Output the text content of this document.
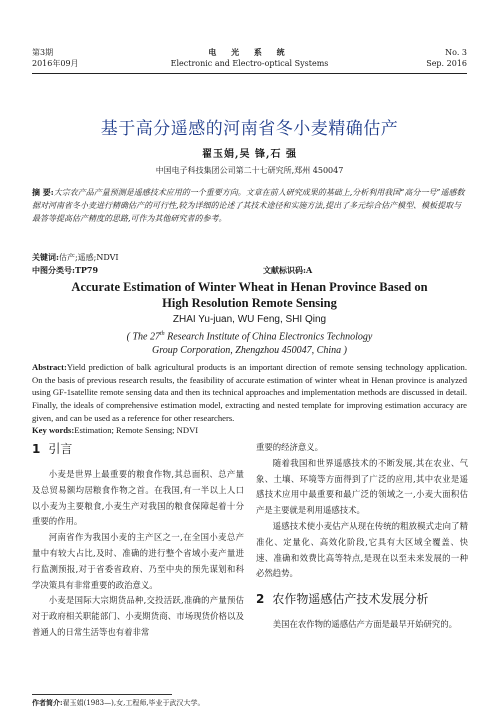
第3期
2016年09月
电 光 系 统
Electronic and Electro-optical Systems
No. 3
Sep. 2016
基于高分遥感的河南省冬小麦精确估产
翟玉娟,吴 锋,石 强
中国电子科技集团公司第二十七研究所,郑州 450047
摘 要:大宗农产品产量预测是遥感技术应用的一个重要方向。文章在前人研究成果的基础上,分析利用我国“高分一号”遥感数据对河南省冬小麦进行精确估产的可行性,较为详细的论述了其技术途径和实施方法,提出了多元综合估产模型、模板提取与最答等提高估产精度的思路,可作为其他研究者的参考。
关键词:估产;遥感;NDVI
中图分类号:TP79	文献标识码:A
Accurate Estimation of Winter Wheat in Henan Province Based on
High Resolution Remote Sensing
ZHAI Yu-juan, WU Feng, SHI Qing
( The 27th Research Institute of China Electronics Technology
Group Corporation, Zhengzhou 450047, China )
Abstract:Yield prediction of balk agricultural products is an important direction of remote sensing technology application. On the basis of previous research results, the feasibility of accurate estimation of winter wheat in Henan province is analyzed using GF-1satellite remote sensing data and then its technical approaches and implementation methods are discussed in detail. Finally, the ideals of comprehensive estimation model, extracting and nested template for improving estimation accuracy are given, and can be used as a reference for other researchers.
Key words:Estimation; Remote Sensing; NDVI
1 引言

小麦是世界上最重要的粮食作物,其总面积、总产量及总贸易额均居粮食作物之首。在我国,有一半以上人口以小麦为主要粮食,小麦生产对我国的粮食保障起着十分重要的作用。

河南省作为我国小麦的主产区之一,在全国小麦总产量中有较大占比,及时、准确的进行整个省域小麦产量进行监测预报,对于省委省政府、乃至中央的预先谋划和科学决策具有非常重要的政治意义。

小麦是国际大宗期货品种,交投活跃,准确的产量预估对于政府相关职能部门、小麦期货商、市场现货价格以及普通人的日常生活等也有着非常

重要的经济意义。

随着我国和世界遥感技术的不断发展,其在农业、气象、土壤、环境等方面得到了广泛的应用,其中农业是遥感技术应用中最重要和最广泛的领域之一,小麦大面积估产是主要就是利用遥感技术。

遥感技术使小麦估产从现在传统的粗放模式走向了精准化、定量化、高效化阶段,它具有大区域全覆盖、快速、准确和效费比高等特点,是现在以至未来发展的一种必然趋势。

2 农作物遥感估产技术发展分析

美国在农作物的遥感估产方面是最早开始研究的。

作者简介:翟玉娟(1983—),女,工程师,毕业于武汉大学。
